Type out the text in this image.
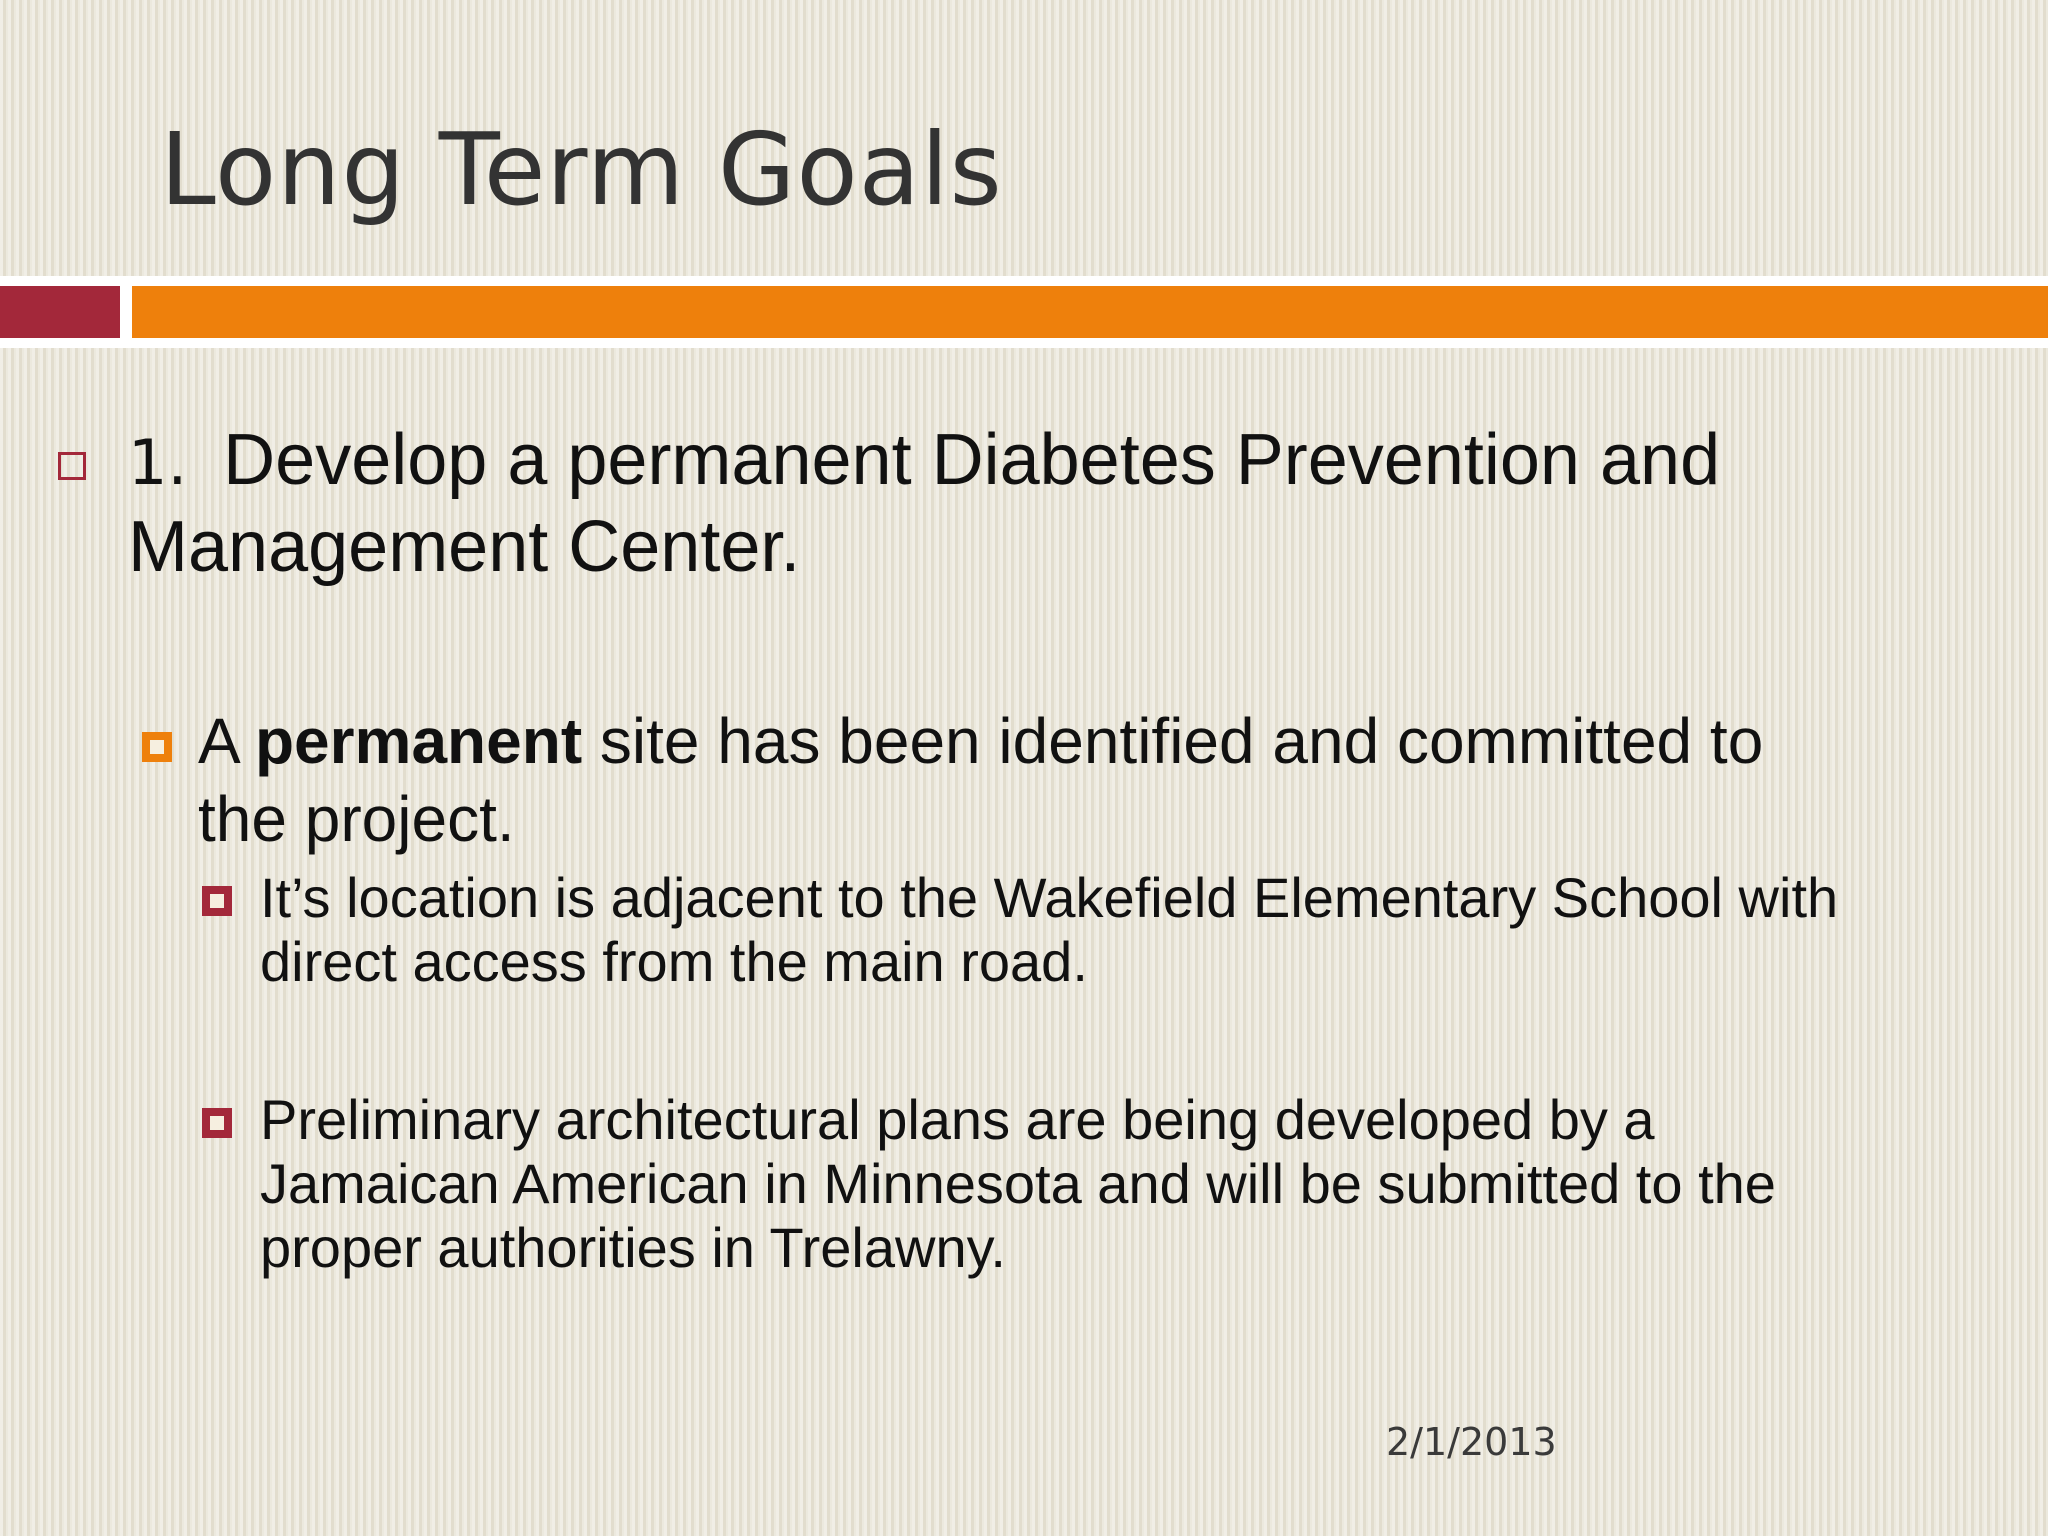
Long Term Goals
1. Develop a permanent Diabetes Prevention and Management Center.
A permanent site has been identified and committed to the project.
It’s location is adjacent to the Wakefield Elementary School with direct access from the main road.
Preliminary architectural plans are being developed by a Jamaican American in Minnesota and will be submitted to the proper authorities in Trelawny.
2/1/2013
